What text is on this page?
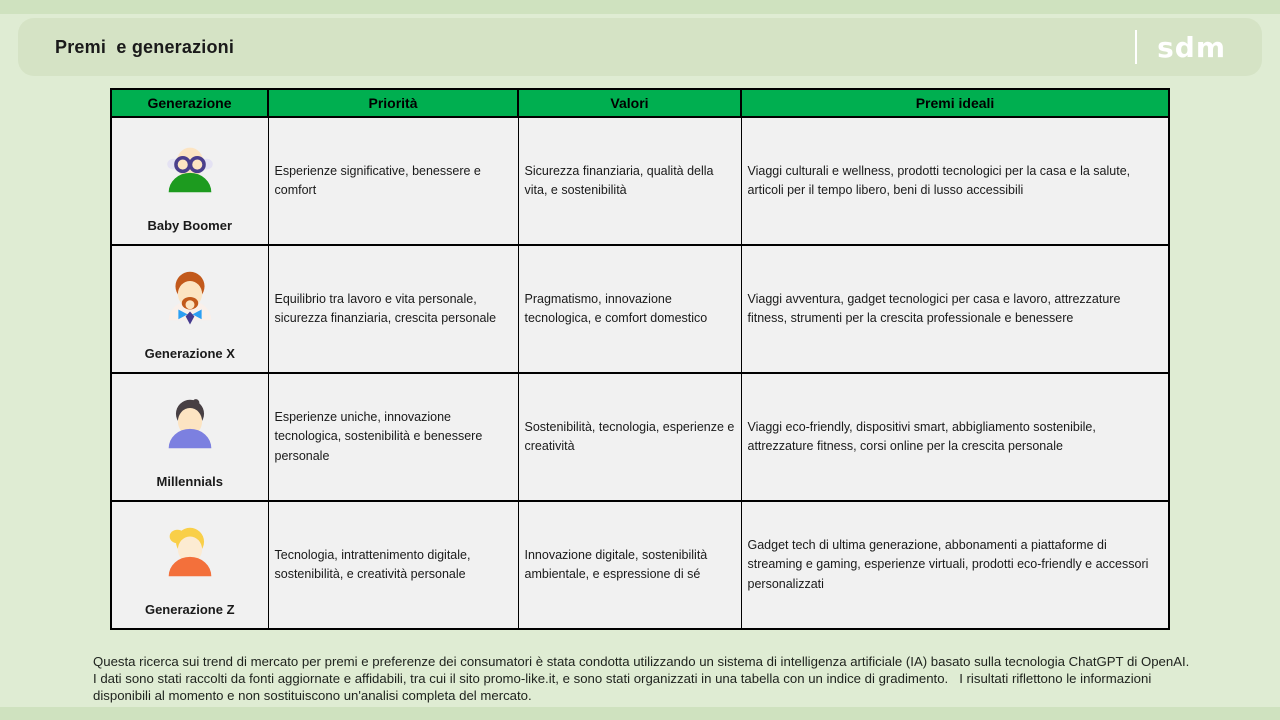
Premi  e generazioni	sdm
Generazione	Priorità	Valori	Premi ideali

Baby Boomer	Esperienze significative, benessere e comfort	Sicurezza finanziaria, qualità della vita, e sostenibilità	Viaggi culturali e wellness, prodotti tecnologici per la casa e la salute, articoli per il tempo libero, beni di lusso accessibili

Generazione X	Equilibrio tra lavoro e vita personale, sicurezza finanziaria, crescita personale	Pragmatismo, innovazione tecnologica, e comfort domestico	Viaggi avventura, gadget tecnologici per casa e lavoro, attrezzature fitness, strumenti per la crescita professionale e benessere

Millennials	Esperienze uniche, innovazione tecnologica, sostenibilità e benessere personale	Sostenibilità, tecnologia, esperienze e creatività	Viaggi eco-friendly, dispositivi smart, abbigliamento sostenibile, attrezzature fitness, corsi online per la crescita personale

Generazione Z	Tecnologia, intrattenimento digitale, sostenibilità, e creatività personale	Innovazione digitale, sostenibilità ambientale, e espressione di sé	Gadget tech di ultima generazione, abbonamenti a piattaforme di streaming e gaming, esperienze virtuali, prodotti eco-friendly e accessori personalizzati
Questa ricerca sui trend di mercato per premi e preferenze dei consumatori è stata condotta utilizzando un sistema di intelligenza artificiale (IA) basato sulla tecnologia ChatGPT di OpenAI. I dati sono stati raccolti da fonti aggiornate e affidabili, tra cui il sito promo-like.it, e sono stati organizzati in una tabella con un indice di gradimento.   I risultati riflettono le informazioni disponibili al momento e non sostituiscono un'analisi completa del mercato.
